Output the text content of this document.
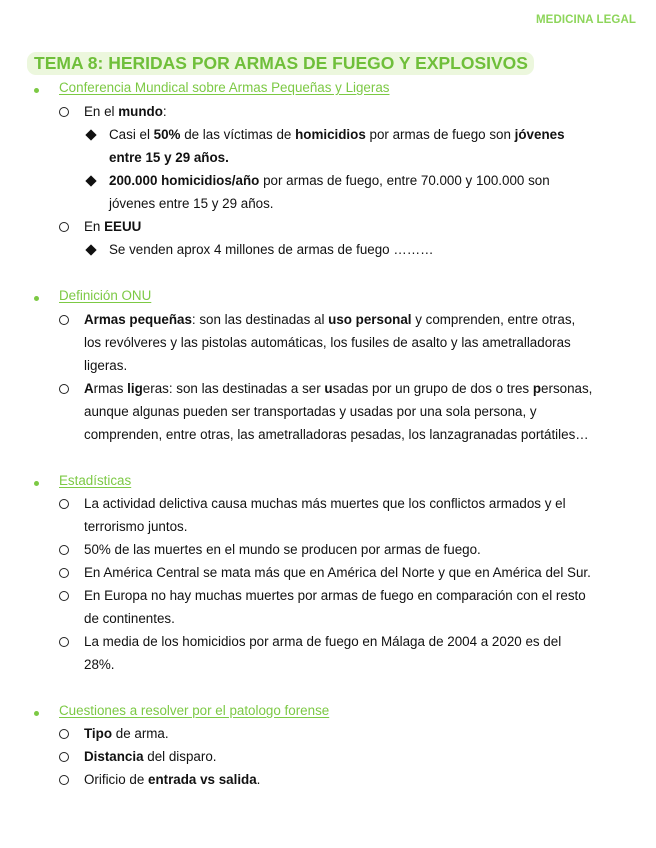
MEDICINA LEGAL
TEMA 8: HERIDAS POR ARMAS DE FUEGO Y EXPLOSIVOS
Conferencia Mundical sobre Armas Pequeñas y Ligeras
En el mundo:
Casi el 50% de las víctimas de homicidios por armas de fuego son jóvenes
entre 15 y 29 años.
200.000 homicidios/año por armas de fuego, entre 70.000 y 100.000 son
jóvenes entre 15 y 29 años.
En EEUU
Se venden aprox 4 millones de armas de fuego ………
Definición ONU
Armas pequeñas: son las destinadas al uso personal y comprenden, entre otras,
los revólveres y las pistolas automáticas, los fusiles de asalto y las ametralladoras
ligeras.
Armas ligeras: son las destinadas a ser usadas por un grupo de dos o tres personas,
aunque algunas pueden ser transportadas y usadas por una sola persona, y
comprenden, entre otras, las ametralladoras pesadas, los lanzagranadas portátiles…
Estadísticas
La actividad delictiva causa muchas más muertes que los conflictos armados y el
terrorismo juntos.
50% de las muertes en el mundo se producen por armas de fuego.
En América Central se mata más que en América del Norte y que en América del Sur.
En Europa no hay muchas muertes por armas de fuego en comparación con el resto
de continentes.
La media de los homicidios por arma de fuego en Málaga de 2004 a 2020 es del
28%.
Cuestiones a resolver por el patologo forense
Tipo de arma.
Distancia del disparo.
Orificio de entrada vs salida.
